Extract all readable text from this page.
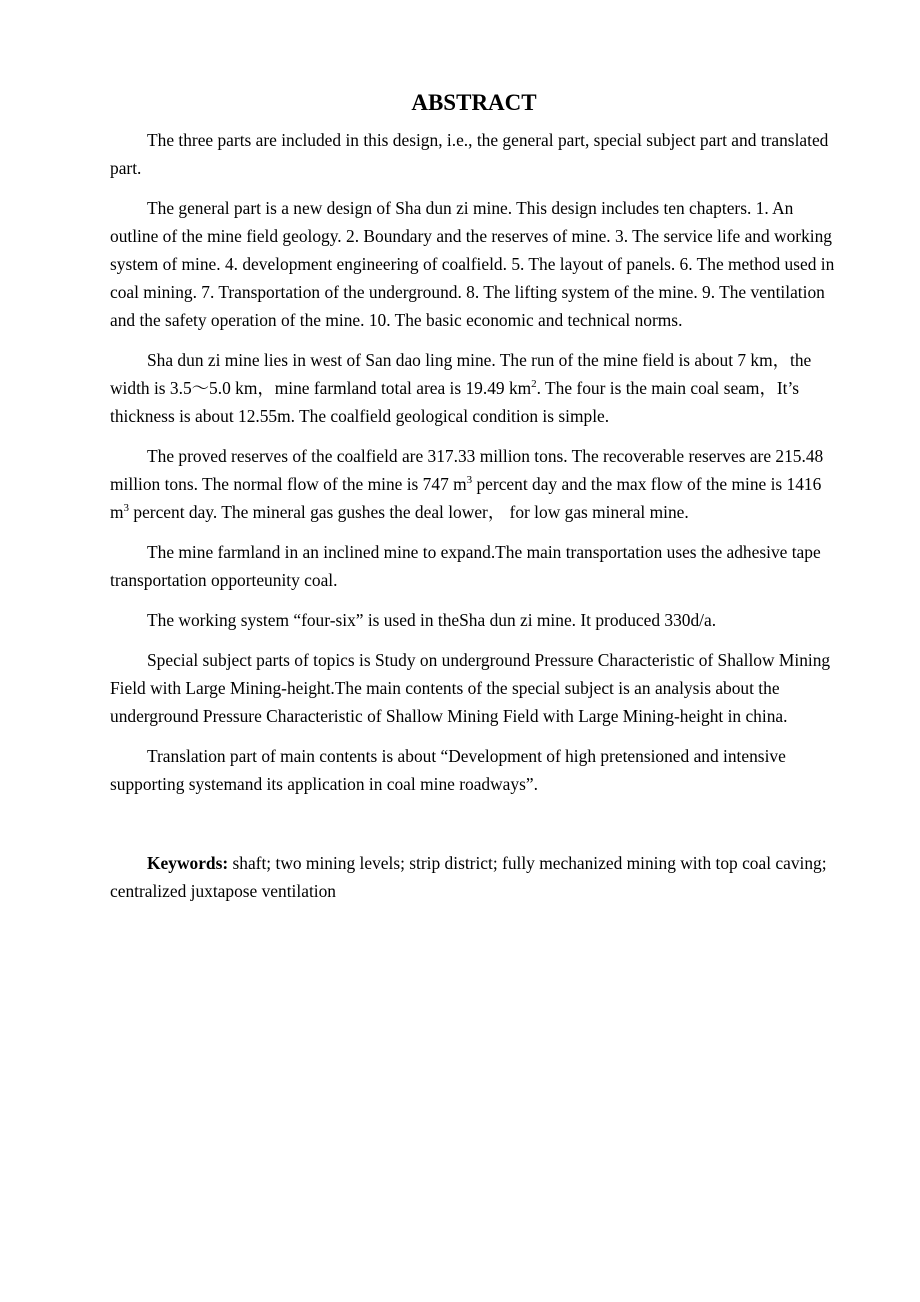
ABSTRACT

The three parts are included in this design, i.e., the general part, special subject part and translated part.

The general part is a new design of Sha dun zi mine. This design includes ten chapters. 1. An outline of the mine field geology. 2. Boundary and the reserves of mine. 3. The service life and working system of mine. 4. development engineering of coalfield. 5. The layout of panels. 6. The method used in coal mining. 7. Transportation of the underground. 8. The lifting system of the mine. 9. The ventilation and the safety operation of the mine. 10. The basic economic and technical norms.

Sha dun zi mine lies in west of San dao ling mine. The run of the mine field is about 7 km，the width is 3.5～5.0 km，mine farmland total area is 19.49 $km^2$. The four is the main coal seam，It’s thickness is about 12.55m. The coalfield geological condition is simple.

The proved reserves of the coalfield are 317.33 million tons. The recoverable reserves are 215.48 million tons. The normal flow of the mine is 747 $m^3$ percent day and the max flow of the mine is 1416 $m^3$ percent day. The mineral gas gushes the deal lower， for low gas mineral mine.

The mine farmland in an inclined mine to expand.The main transportation uses the adhesive tape transportation opporteunity coal.

The working system “four-six” is used in theSha dun zi mine. It produced 330d/a.

Special subject parts of topics is Study on underground Pressure Characteristic of Shallow Mining Field with Large Mining-height.The main contents of the special subject is an analysis about the underground Pressure Characteristic of Shallow Mining Field with Large Mining-height in china.

Translation part of main contents is about “Development of high pretensioned and intensive supporting systemand its application in coal mine roadways”.

Keywords: shaft; two mining levels; strip district; fully mechanized mining with top coal caving; centralized juxtapose ventilation
